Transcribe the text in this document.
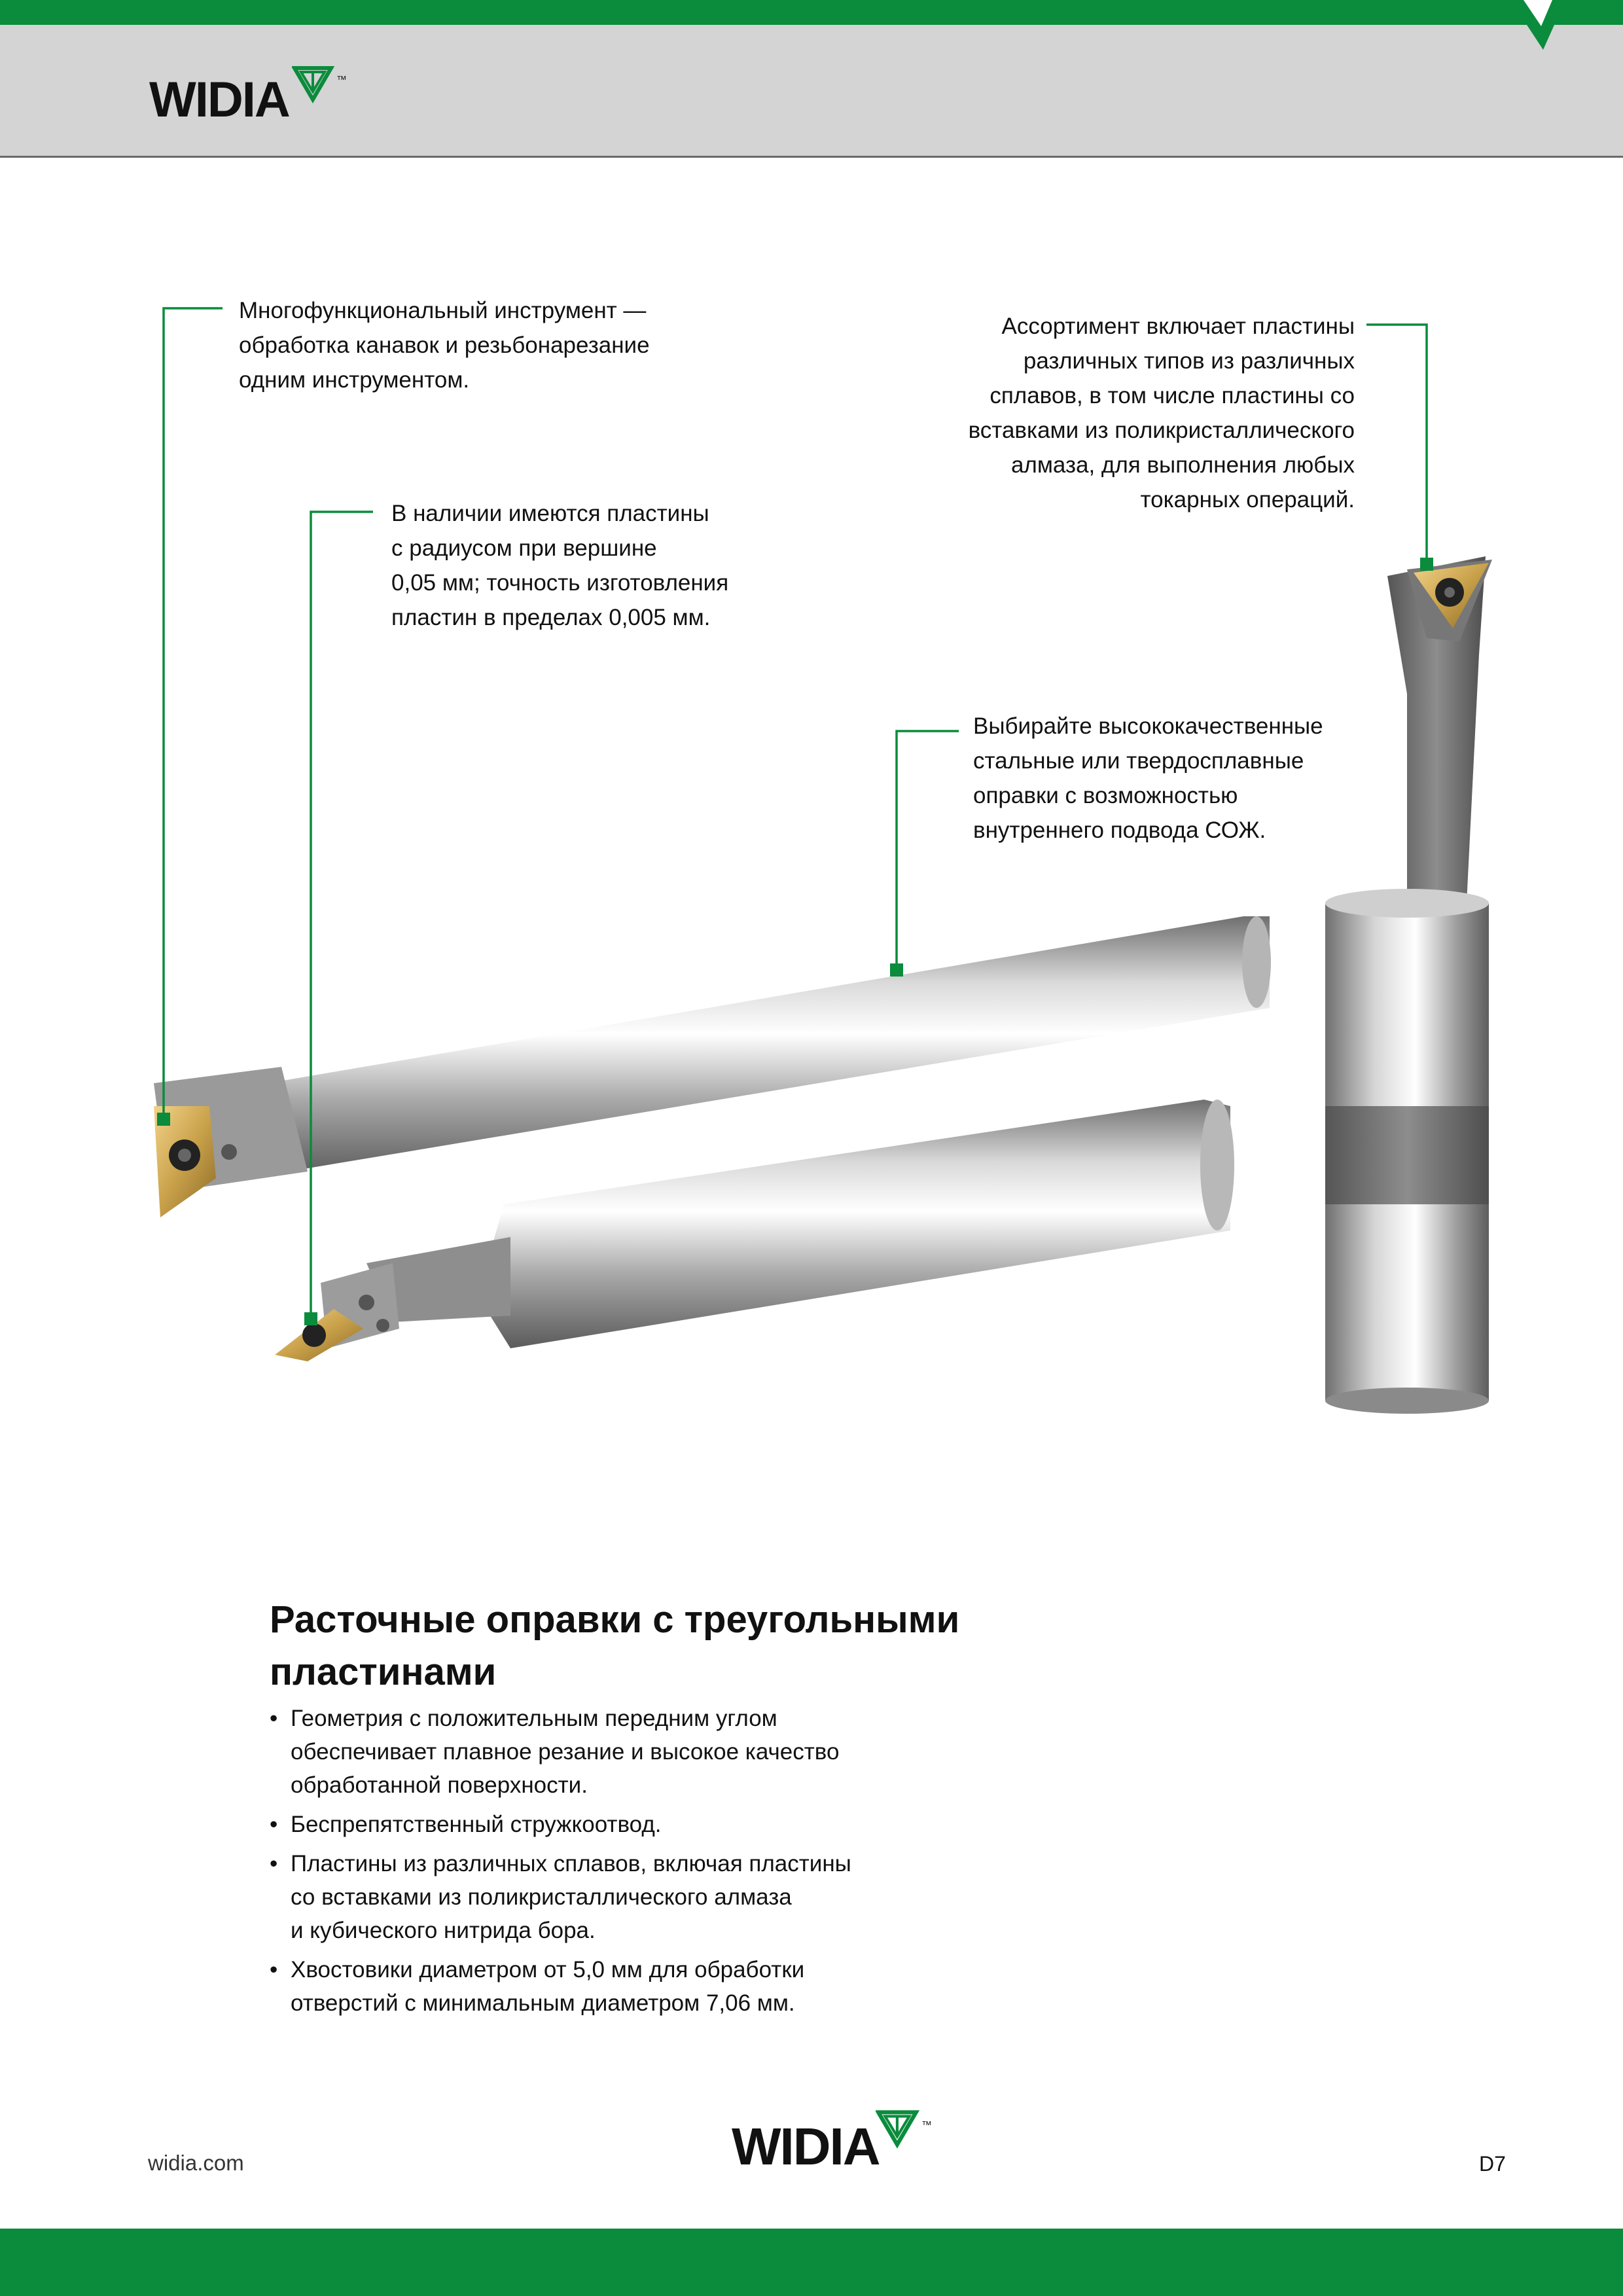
WIDIA	™

Многофункциональный инструмент —
обработка канавок и резьбонарезание
одним инструментом.

В наличии имеются пластины
с радиусом при вершине
0,05 мм; точность изготовления
пластин в пределах 0,005 мм.

Ассортимент включает пластины
различных типов из различных
сплавов, в том числе пластины со
вставками из поликристаллического
алмаза, для выполнения любых
токарных операций.

Выбирайте высококачественные
стальные или твердосплавные
оправки с возможностью
внутреннего подвода СОЖ.

Расточные оправки с треугольными
пластинами
• Геометрия с положительным передним углом
обеспечивает плавное резание и высокое качество
обработанной поверхности.
• Беспрепятственный стружкоотвод.
• Пластины из различных сплавов, включая пластины
со вставками из поликристаллического алмаза
и кубического нитрида бора.
• Хвостовики диаметром от 5,0 мм для обработки
отверстий с минимальным диаметром 7,06 мм.
widia.com	WIDIA	™
D7
